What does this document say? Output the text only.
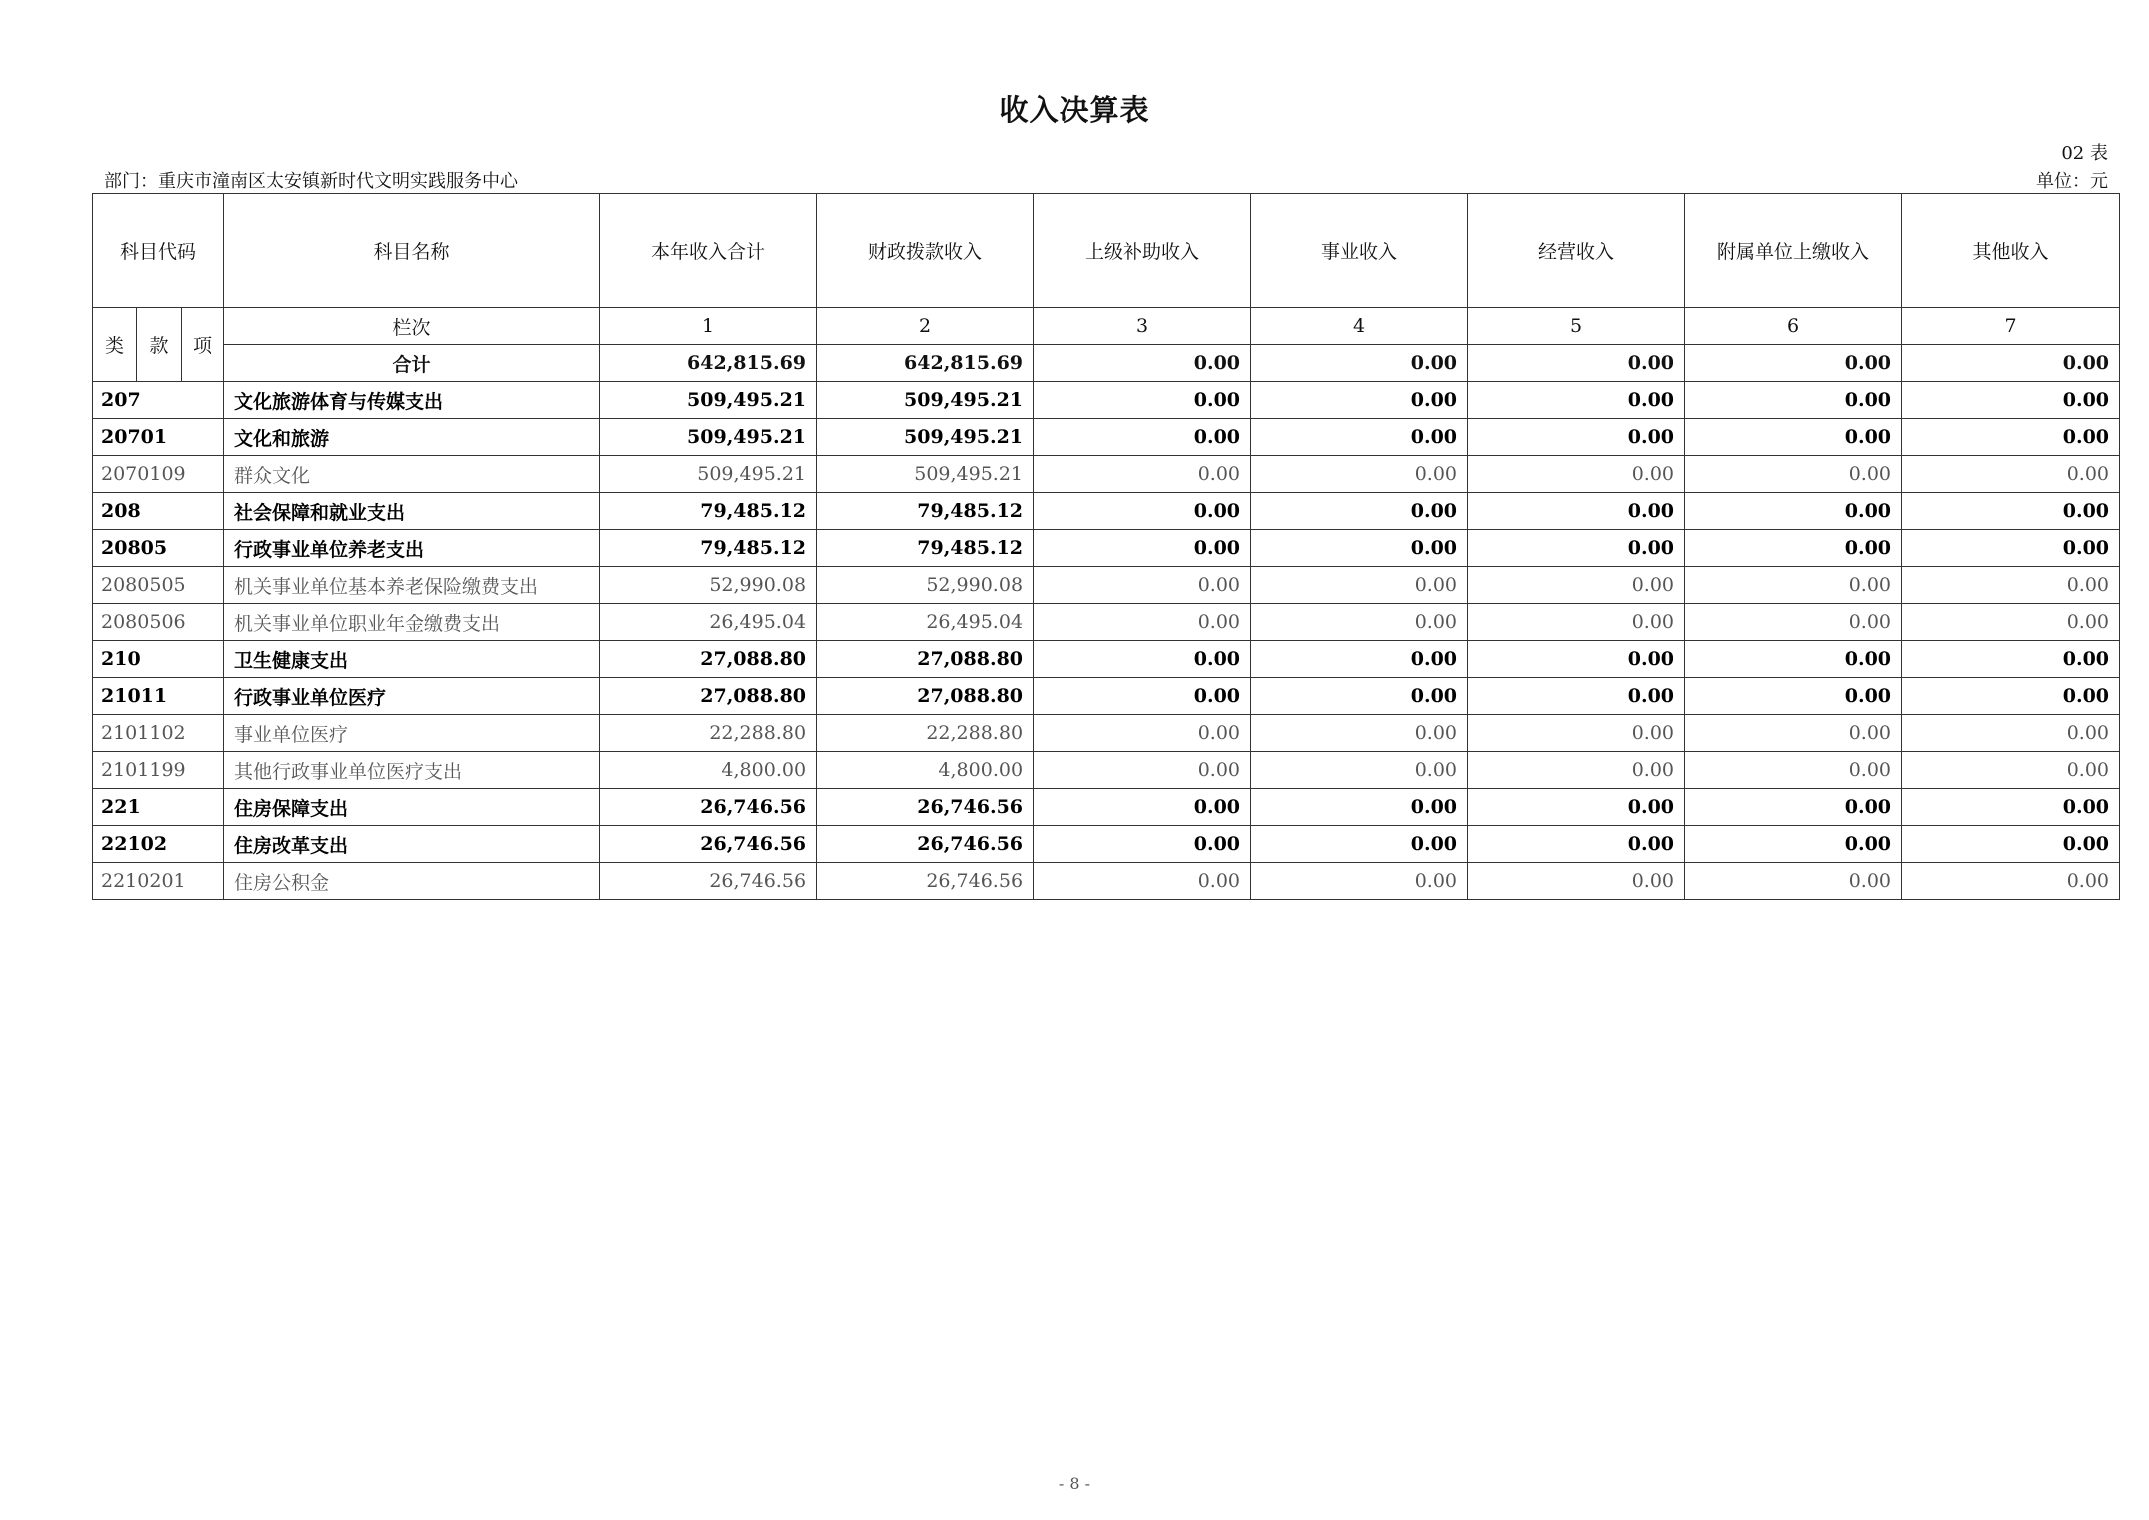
收入决算表
02 表
部门：重庆市潼南区太安镇新时代文明实践服务中心	单位：元
科目代码			科目名称	本年收入合计	财政拨款收入	上级补助收入	事业收入	经营收入	附属单位上缴收入	其他收入
类	款	项	栏次	1	2	3	4	5	6	7
			合计	642,815.69	642,815.69	0.00	0.00	0.00	0.00	0.00
207			文化旅游体育与传媒支出	509,495.21	509,495.21	0.00	0.00	0.00	0.00	0.00
20701			文化和旅游	509,495.21	509,495.21	0.00	0.00	0.00	0.00	0.00
2070109			群众文化	509,495.21	509,495.21	0.00	0.00	0.00	0.00	0.00
208			社会保障和就业支出	79,485.12	79,485.12	0.00	0.00	0.00	0.00	0.00
20805			行政事业单位养老支出	79,485.12	79,485.12	0.00	0.00	0.00	0.00	0.00
2080505			机关事业单位基本养老保险缴费支出	52,990.08	52,990.08	0.00	0.00	0.00	0.00	0.00
2080506			机关事业单位职业年金缴费支出	26,495.04	26,495.04	0.00	0.00	0.00	0.00	0.00
210			卫生健康支出	27,088.80	27,088.80	0.00	0.00	0.00	0.00	0.00
21011			行政事业单位医疗	27,088.80	27,088.80	0.00	0.00	0.00	0.00	0.00
2101102			事业单位医疗	22,288.80	22,288.80	0.00	0.00	0.00	0.00	0.00
2101199			其他行政事业单位医疗支出	4,800.00	4,800.00	0.00	0.00	0.00	0.00	0.00
221			住房保障支出	26,746.56	26,746.56	0.00	0.00	0.00	0.00	0.00
22102			住房改革支出	26,746.56	26,746.56	0.00	0.00	0.00	0.00	0.00
2210201			住房公积金	26,746.56	26,746.56	0.00	0.00	0.00	0.00	0.00
- 8 -
